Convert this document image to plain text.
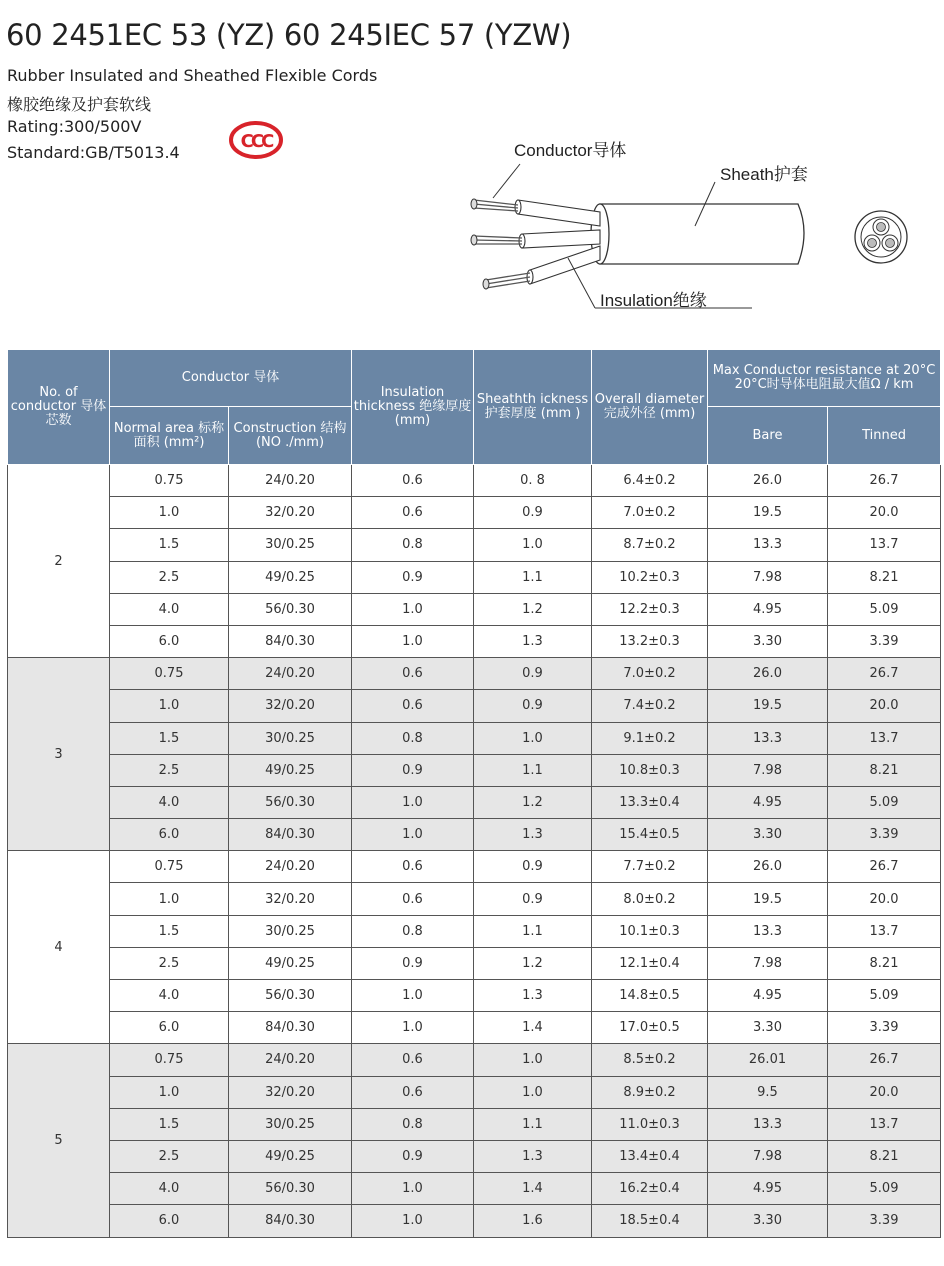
60 2451EC 53 (YZ) 60 245IEC 57 (YZW)
Rubber Insulated and Sheathed Flexible Cords
橡胶绝缘及护套软线
Rating:300/500V
Standard:GB/T5013.4
CCC	Conductor导体
Sheath护套
Insulation绝缘
No. of conductor 导体芯数	Conductor 导体		Insulation thickness 绝缘厚度 (mm)	Sheathth ickness 护套厚度 (mm )	Overall diameter 完成外径 (mm)	Max Conductor resistance at 20°C 20°C时导体电阻最大值Ω / km	
	Normal area 标称面积 (mm²)	Construction 结构 (NO ./mm)				Bare	Tinned
2	0.75	24/0.20	0.6	0. 8	6.4±0.2	26.0	26.7
	1.0	32/0.20	0.6	0.9	7.0±0.2	19.5	20.0
	1.5	30/0.25	0.8	1.0	8.7±0.2	13.3	13.7
	2.5	49/0.25	0.9	1.1	10.2±0.3	7.98	8.21
	4.0	56/0.30	1.0	1.2	12.2±0.3	4.95	5.09
	6.0	84/0.30	1.0	1.3	13.2±0.3	3.30	3.39
3	0.75	24/0.20	0.6	0.9	7.0±0.2	26.0	26.7
	1.0	32/0.20	0.6	0.9	7.4±0.2	19.5	20.0
	1.5	30/0.25	0.8	1.0	9.1±0.2	13.3	13.7
	2.5	49/0.25	0.9	1.1	10.8±0.3	7.98	8.21
	4.0	56/0.30	1.0	1.2	13.3±0.4	4.95	5.09
	6.0	84/0.30	1.0	1.3	15.4±0.5	3.30	3.39
4	0.75	24/0.20	0.6	0.9	7.7±0.2	26.0	26.7
	1.0	32/0.20	0.6	0.9	8.0±0.2	19.5	20.0
	1.5	30/0.25	0.8	1.1	10.1±0.3	13.3	13.7
	2.5	49/0.25	0.9	1.2	12.1±0.4	7.98	8.21
	4.0	56/0.30	1.0	1.3	14.8±0.5	4.95	5.09
	6.0	84/0.30	1.0	1.4	17.0±0.5	3.30	3.39
5	0.75	24/0.20	0.6	1.0	8.5±0.2	26.01	26.7
	1.0	32/0.20	0.6	1.0	8.9±0.2	9.5	20.0
	1.5	30/0.25	0.8	1.1	11.0±0.3	13.3	13.7
	2.5	49/0.25	0.9	1.3	13.4±0.4	7.98	8.21
	4.0	56/0.30	1.0	1.4	16.2±0.4	4.95	5.09
	6.0	84/0.30	1.0	1.6	18.5±0.4	3.30	3.39
